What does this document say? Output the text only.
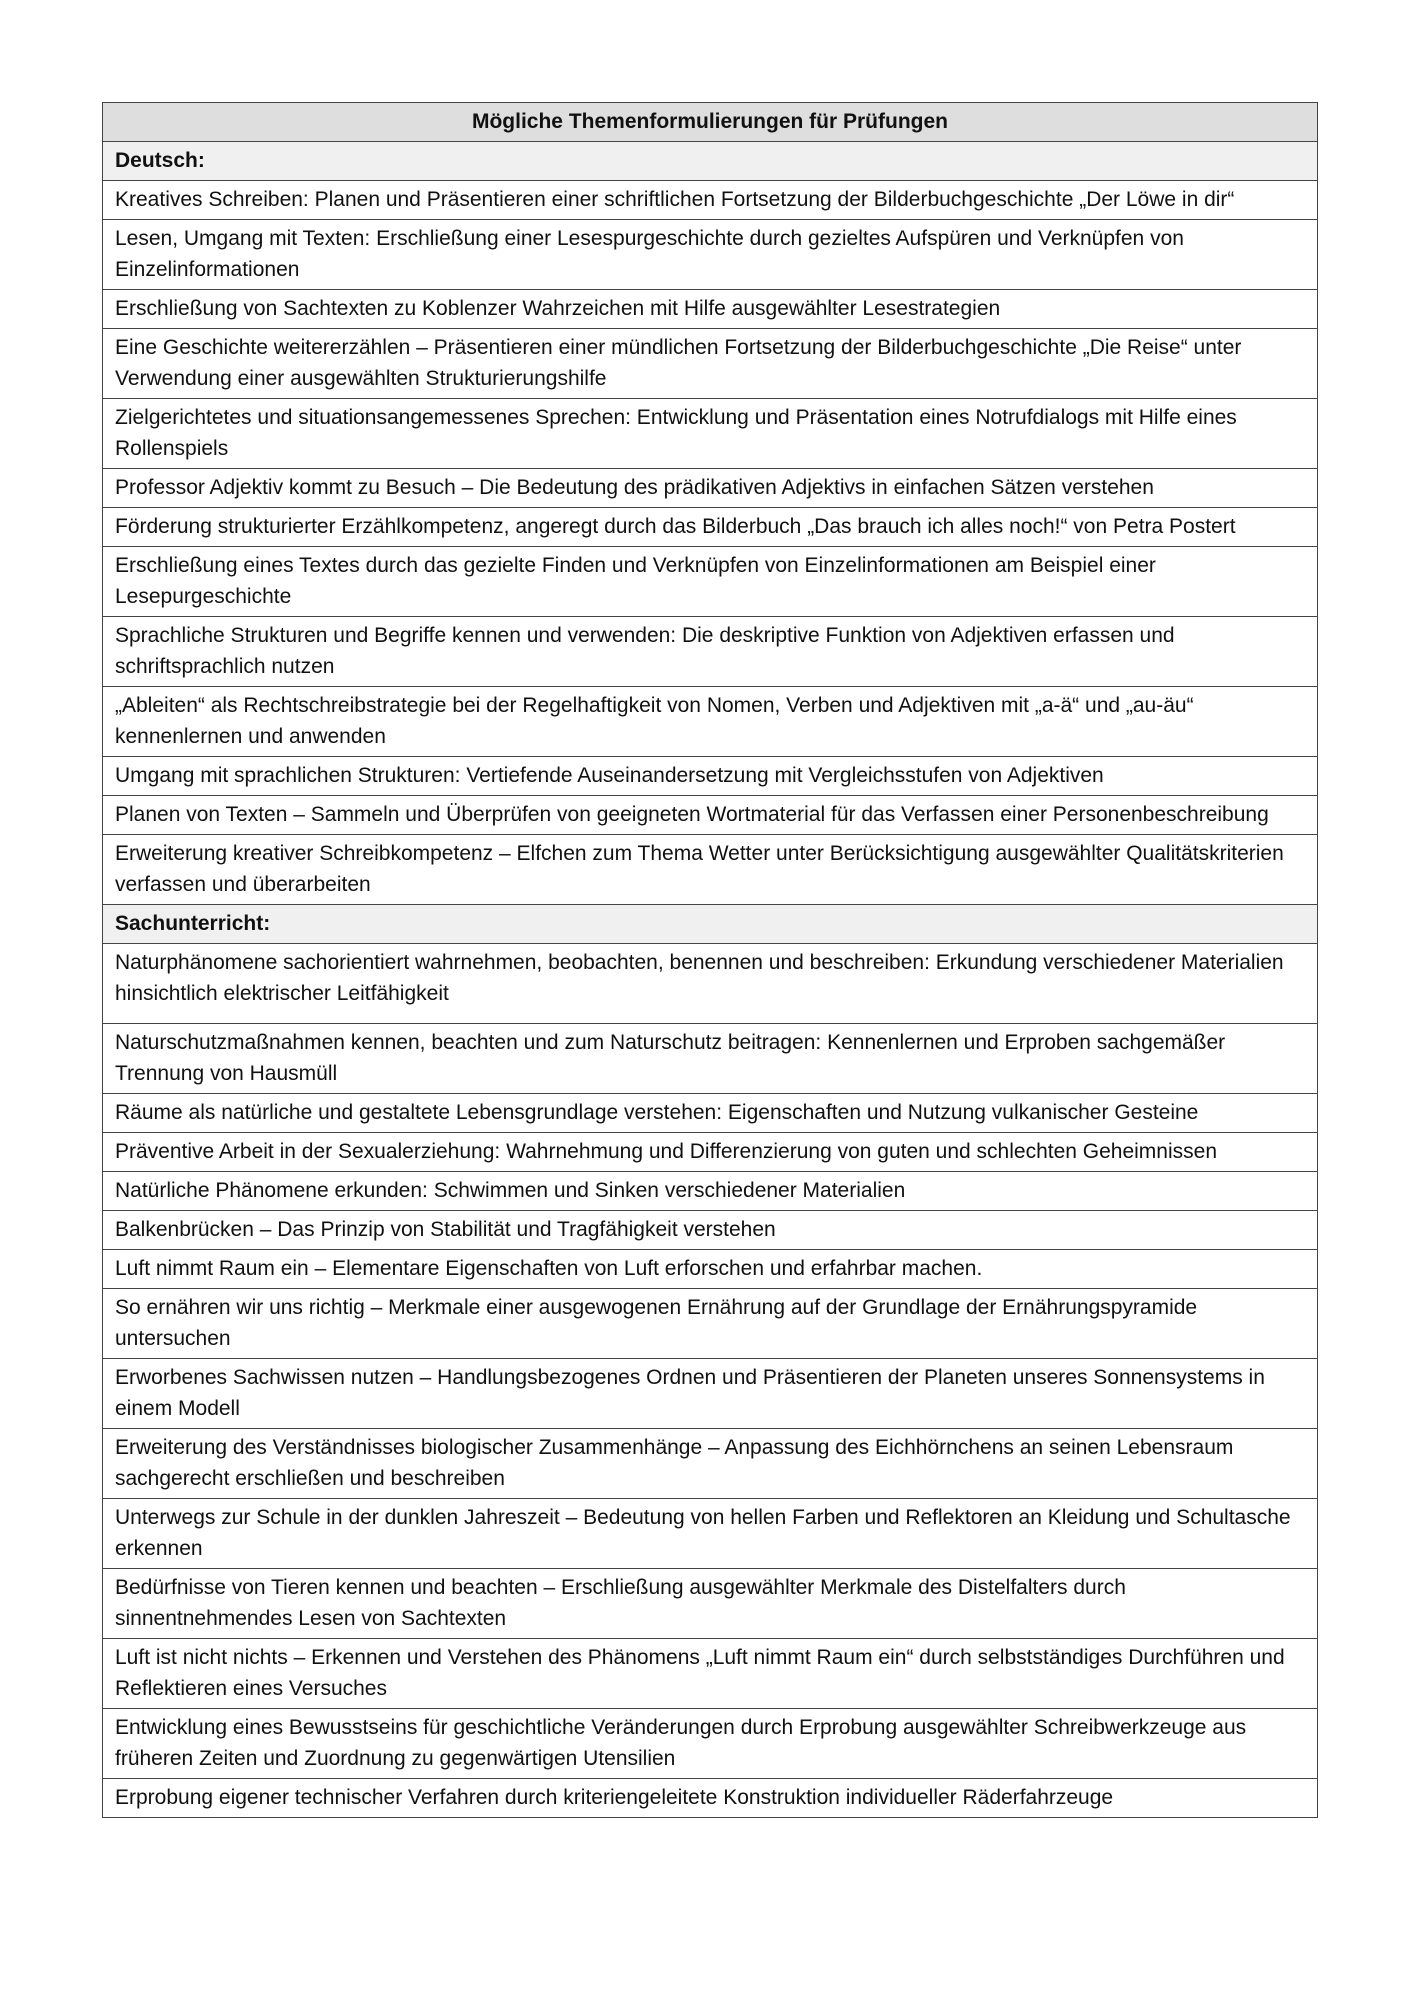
Mögliche Themenformulierungen für Prüfungen
Deutsch:
Kreatives Schreiben: Planen und Präsentieren einer schriftlichen Fortsetzung der Bilderbuchgeschichte „Der Löwe in dir“
Lesen, Umgang mit Texten: Erschließung einer Lesespurgeschichte durch gezieltes Aufspüren und Verknüpfen von Einzelinformationen
Erschließung von Sachtexten zu Koblenzer Wahrzeichen mit Hilfe ausgewählter Lesestrategien
Eine Geschichte weitererzählen – Präsentieren einer mündlichen Fortsetzung der Bilderbuchgeschichte „Die Reise“ unter Verwendung einer ausgewählten Strukturierungshilfe
Zielgerichtetes und situationsangemessenes Sprechen: Entwicklung und Präsentation eines Notrufdialogs mit Hilfe eines Rollenspiels
Professor Adjektiv kommt zu Besuch – Die Bedeutung des prädikativen Adjektivs in einfachen Sätzen verstehen
Förderung strukturierter Erzählkompetenz, angeregt durch das Bilderbuch „Das brauch ich alles noch!“ von Petra Postert
Erschließung eines Textes durch das gezielte Finden und Verknüpfen von Einzelinformationen am Beispiel einer Lesepurgeschichte
Sprachliche Strukturen und Begriffe kennen und verwenden: Die deskriptive Funktion von Adjektiven erfassen und schriftsprachlich nutzen
„Ableiten“ als Rechtschreibstrategie bei der Regelhaftigkeit von Nomen, Verben und Adjektiven mit „a-ä“ und „au-äu“ kennenlernen und anwenden
Umgang mit sprachlichen Strukturen: Vertiefende Auseinandersetzung mit Vergleichsstufen von Adjektiven
Planen von Texten – Sammeln und Überprüfen von geeigneten Wortmaterial für das Verfassen einer Personenbeschreibung
Erweiterung kreativer Schreibkompetenz – Elfchen zum Thema Wetter unter Berücksichtigung ausgewählter Qualitätskriterien verfassen und überarbeiten
Sachunterricht:
Naturphänomene sachorientiert wahrnehmen, beobachten, benennen und beschreiben: Erkundung verschiedener Materialien hinsichtlich elektrischer Leitfähigkeit
Naturschutzmaßnahmen kennen, beachten und zum Naturschutz beitragen: Kennenlernen und Erproben sachgemäßer Trennung von Hausmüll
Räume als natürliche und gestaltete Lebensgrundlage verstehen: Eigenschaften und Nutzung vulkanischer Gesteine
Präventive Arbeit in der Sexualerziehung: Wahrnehmung und Differenzierung von guten und schlechten Geheimnissen
Natürliche Phänomene erkunden: Schwimmen und Sinken verschiedener Materialien
Balkenbrücken – Das Prinzip von Stabilität und Tragfähigkeit verstehen
Luft nimmt Raum ein – Elementare Eigenschaften von Luft erforschen und erfahrbar machen.
So ernähren wir uns richtig – Merkmale einer ausgewogenen Ernährung auf der Grundlage der Ernährungspyramide untersuchen
Erworbenes Sachwissen nutzen – Handlungsbezogenes Ordnen und Präsentieren der Planeten unseres Sonnensystems in einem Modell
Erweiterung des Verständnisses biologischer Zusammenhänge – Anpassung des Eichhörnchens an seinen Lebensraum sachgerecht erschließen und beschreiben
Unterwegs zur Schule in der dunklen Jahreszeit – Bedeutung von hellen Farben und Reflektoren an Kleidung und Schultasche erkennen
Bedürfnisse von Tieren kennen und beachten – Erschließung ausgewählter Merkmale des Distelfalters durch sinnentnehmendes Lesen von Sachtexten
Luft ist nicht nichts – Erkennen und Verstehen des Phänomens „Luft nimmt Raum ein“ durch selbstständiges Durchführen und Reflektieren eines Versuches
Entwicklung eines Bewusstseins für geschichtliche Veränderungen durch Erprobung ausgewählter Schreibwerkzeuge aus früheren Zeiten und Zuordnung zu gegenwärtigen Utensilien
Erprobung eigener technischer Verfahren durch kriteriengeleitete Konstruktion individueller Räderfahrzeuge
